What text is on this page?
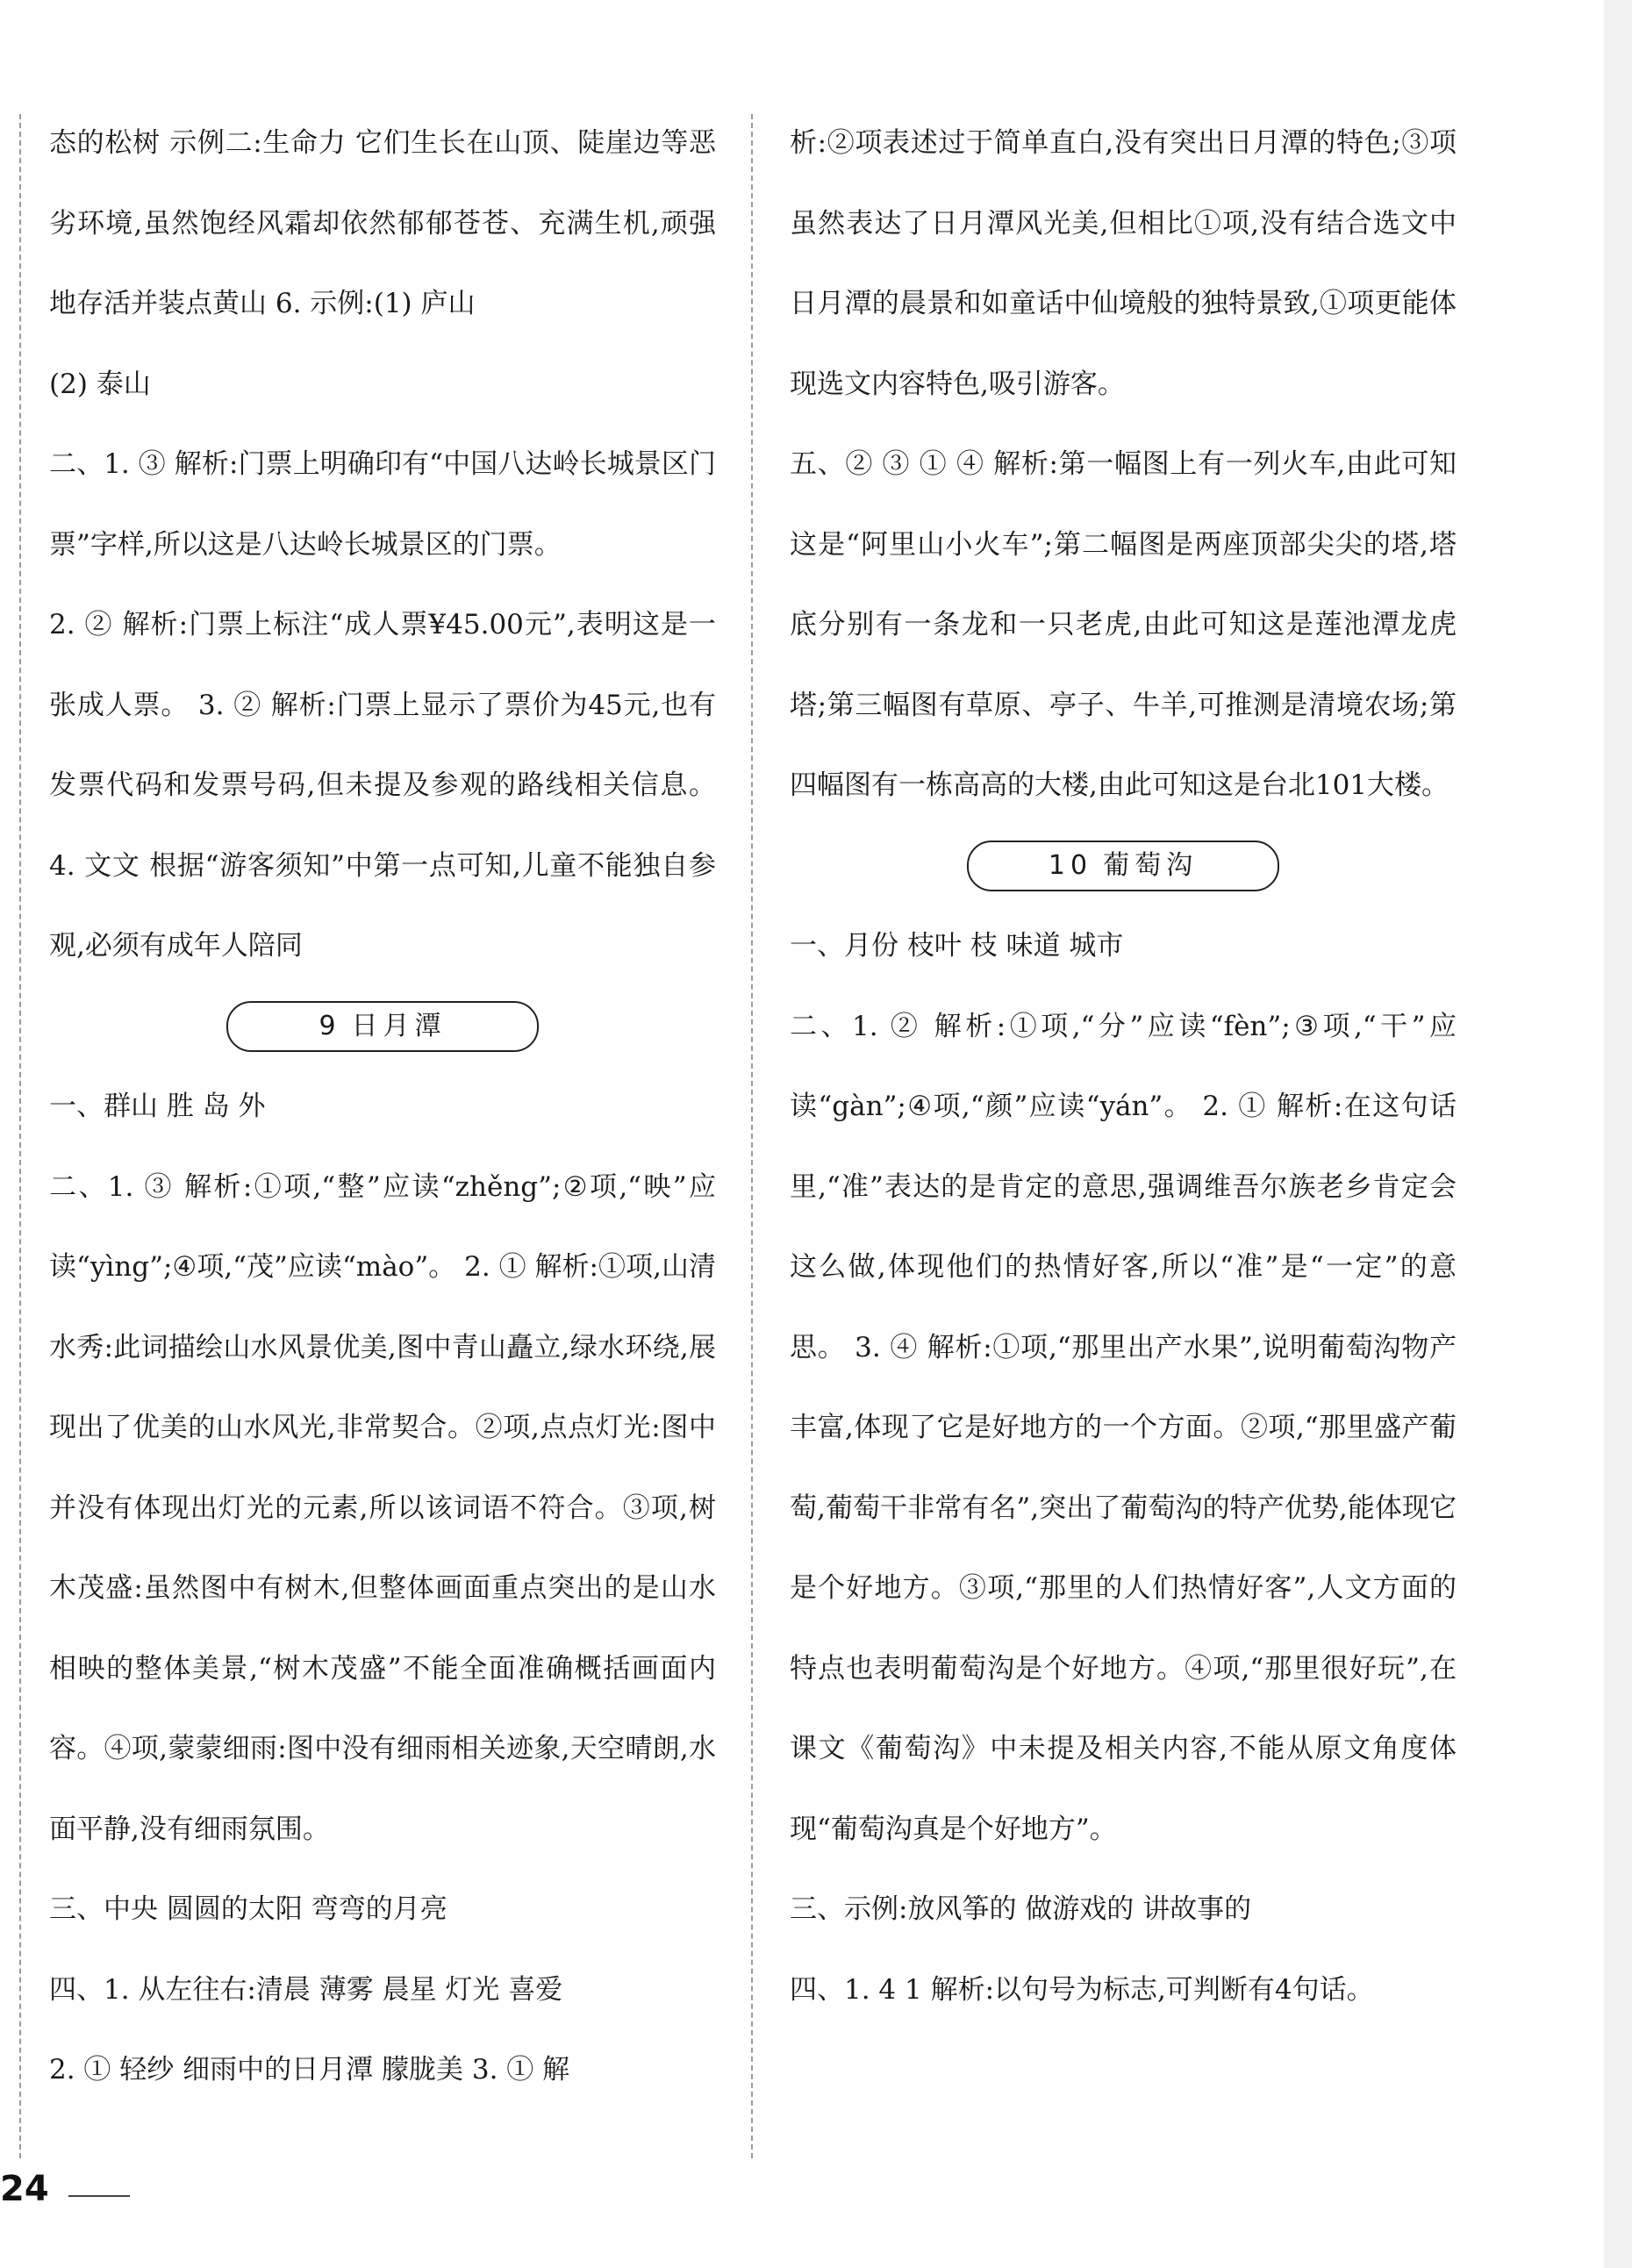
态的松树 示例二:生命力 它们生长在山顶、陡崖边等恶劣环境,虽然饱经风霜却依然郁郁苍苍、充满生机,顽强地存活并装点黄山 6. 示例:(1) 庐山

(2) 泰山

二、1. ③ 解析:门票上明确印有“中国八达岭长城景区门票”字样,所以这是八达岭长城景区的门票。

2. ② 解析:门票上标注“成人票¥45.00元”,表明这是一张成人票。 3. ② 解析:门票上显示了票价为45元,也有发票代码和发票号码,但未提及参观的路线相关信息。 4. 文文 根据“游客须知”中第一点可知,儿童不能独自参观,必须有成年人陪同

9 日月潭

一、群山 胜 岛 外

二、1. ③ 解析:①项,“整”应读“zhěng”;②项,“映”应读“yìng”;④项,“茂”应读“mào”。 2. ① 解析:①项,山清水秀:此词描绘山水风景优美,图中青山矗立,绿水环绕,展现出了优美的山水风光,非常契合。②项,点点灯光:图中并没有体现出灯光的元素,所以该词语不符合。③项,树木茂盛:虽然图中有树木,但整体画面重点突出的是山水相映的整体美景,“树木茂盛”不能全面准确概括画面内容。④项,蒙蒙细雨:图中没有细雨相关迹象,天空晴朗,水面平静,没有细雨氛围。

三、中央 圆圆的太阳 弯弯的月亮

四、1. 从左往右:清晨 薄雾 晨星 灯光 喜爱

2. ① 轻纱 细雨中的日月潭 朦胧美 3. ① 解

析:②项表述过于简单直白,没有突出日月潭的特色;③项虽然表达了日月潭风光美,但相比①项,没有结合选文中日月潭的晨景和如童话中仙境般的独特景致,①项更能体现选文内容特色,吸引游客。

五、② ③ ① ④ 解析:第一幅图上有一列火车,由此可知这是“阿里山小火车”;第二幅图是两座顶部尖尖的塔,塔底分别有一条龙和一只老虎,由此可知这是莲池潭龙虎塔;第三幅图有草原、亭子、牛羊,可推测是清境农场;第四幅图有一栋高高的大楼,由此可知这是台北101大楼。

10 葡萄沟

一、月份 枝叶 枝 味道 城市

二、1. ② 解析:①项,“分”应读“fèn”;③项,“干”应读“gàn”;④项,“颜”应读“yán”。 2. ① 解析:在这句话里,“准”表达的是肯定的意思,强调维吾尔族老乡肯定会这么做,体现他们的热情好客,所以“准”是“一定”的意思。 3. ④ 解析:①项,“那里出产水果”,说明葡萄沟物产丰富,体现了它是好地方的一个方面。②项,“那里盛产葡萄,葡萄干非常有名”,突出了葡萄沟的特产优势,能体现它是个好地方。③项,“那里的人们热情好客”,人文方面的特点也表明葡萄沟是个好地方。④项,“那里很好玩”,在课文《葡萄沟》中未提及相关内容,不能从原文角度体现“葡萄沟真是个好地方”。

三、示例:放风筝的 做游戏的 讲故事的

四、1. 4 1 解析:以句号为标志,可判断有4句话。

24
